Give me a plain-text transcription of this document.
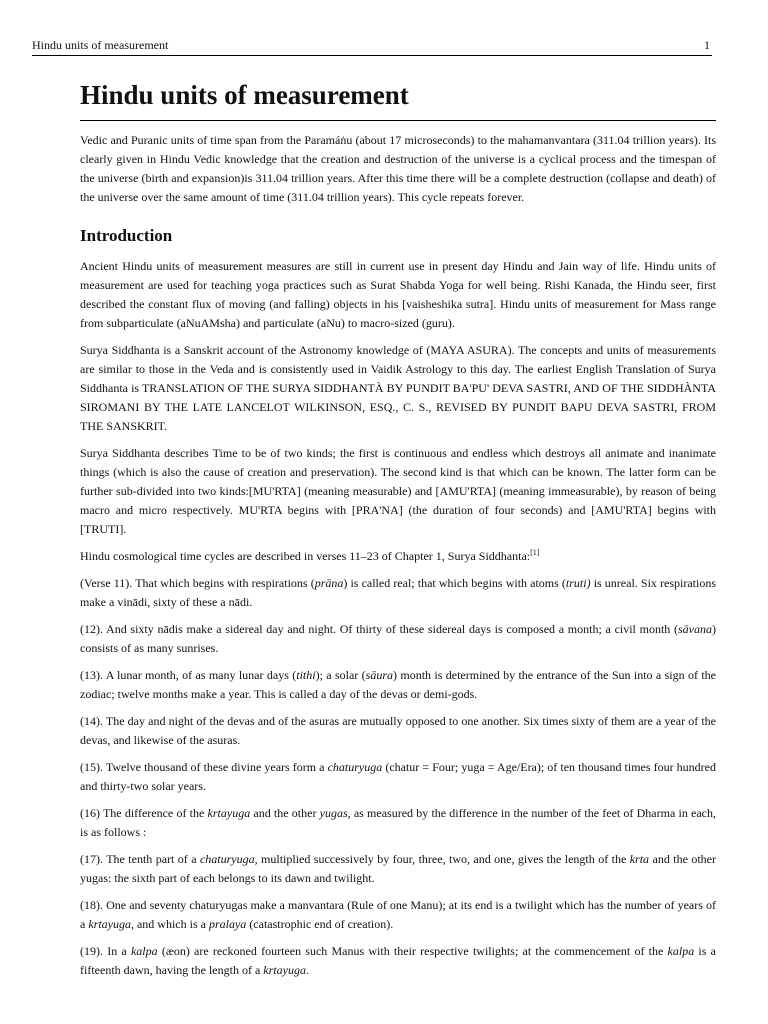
Hindu units of measurement	1
Hindu units of measurement

Vedic and Puranic units of time span from the Paramáṅu (about 17 microseconds) to the mahamanvantara (311.04 trillion years). Its clearly given in Hindu Vedic knowledge that the creation and destruction of the universe is a cyclical process and the timespan of the universe (birth and expansion)is 311.04 trillion years. After this time there will be a complete destruction (collapse and death) of the universe over the same amount of time (311.04 trillion years). This cycle repeats forever.

Introduction

Ancient Hindu units of measurement measures are still in current use in present day Hindu and Jain way of life. Hindu units of measurement are used for teaching yoga practices such as Surat Shabda Yoga for well being. Rishi Kanada, the Hindu seer, first described the constant flux of moving (and falling) objects in his [vaisheshika sutra]. Hindu units of measurement for Mass range from subparticulate (aNuAMsha) and particulate (aNu) to macro-sized (guru).

Surya Siddhanta is a Sanskrit account of the Astronomy knowledge of (MAYA ASURA). The concepts and units of measurements are similar to those in the Veda and is consistently used in Vaidik Astrology to this day. The earliest English Translation of Surya Siddhanta is TRANSLATION OF THE SURYA SIDDHANTÀ BY PUNDIT BA'PU' DEVA SASTRI, AND OF THE SIDDHÀNTA SIROMANI BY THE LATE LANCELOT WILKINSON, ESQ., C. S., REVISED BY PUNDIT BAPU DEVA SASTRI, FROM THE SANSKRIT.

Surya Siddhanta describes Time to be of two kinds; the first is continuous and endless which destroys all animate and inanimate things (which is also the cause of creation and preservation). The second kind is that which can be known. The latter form can be further sub-divided into two kinds:[MU'RTA] (meaning measurable) and [AMU'RTA] (meaning immeasurable), by reason of being macro and micro respectively. MU'RTA begins with [PRA'NA] (the duration of four seconds) and [AMU'RTA] begins with [TRUTI].

Hindu cosmological time cycles are described in verses 11–23 of Chapter 1, Surya Siddhanta:[1]

(Verse 11). That which begins with respirations (prāna) is called real; that which begins with atoms (truti) is unreal. Six respirations make a vinādi, sixty of these a nādi.

(12). And sixty nādis make a sidereal day and night. Of thirty of these sidereal days is composed a month; a civil month (sāvana) consists of as many sunrises.

(13). A lunar month, of as many lunar days (tithi); a solar (sāura) month is determined by the entrance of the Sun into a sign of the zodiac; twelve months make a year. This is called a day of the devas or demi-gods.

(14). The day and night of the devas and of the asuras are mutually opposed to one another. Six times sixty of them are a year of the devas, and likewise of the asuras.

(15). Twelve thousand of these divine years form a chaturyuga (chatur = Four; yuga = Age/Era); of ten thousand times four hundred and thirty-two solar years.

(16) The difference of the krtayuga and the other yugas, as measured by the difference in the number of the feet of Dharma in each, is as follows :

(17). The tenth part of a chaturyuga, multiplied successively by four, three, two, and one, gives the length of the krta and the other yugas: the sixth part of each belongs to its dawn and twilight.

(18). One and seventy chaturyugas make a manvantara (Rule of one Manu); at its end is a twilight which has the number of years of a krtayuga, and which is a pralaya (catastrophic end of creation).

(19). In a kalpa (æon) are reckoned fourteen such Manus with their respective twilights; at the commencement of the kalpa is a fifteenth dawn, having the length of a krtayuga.
